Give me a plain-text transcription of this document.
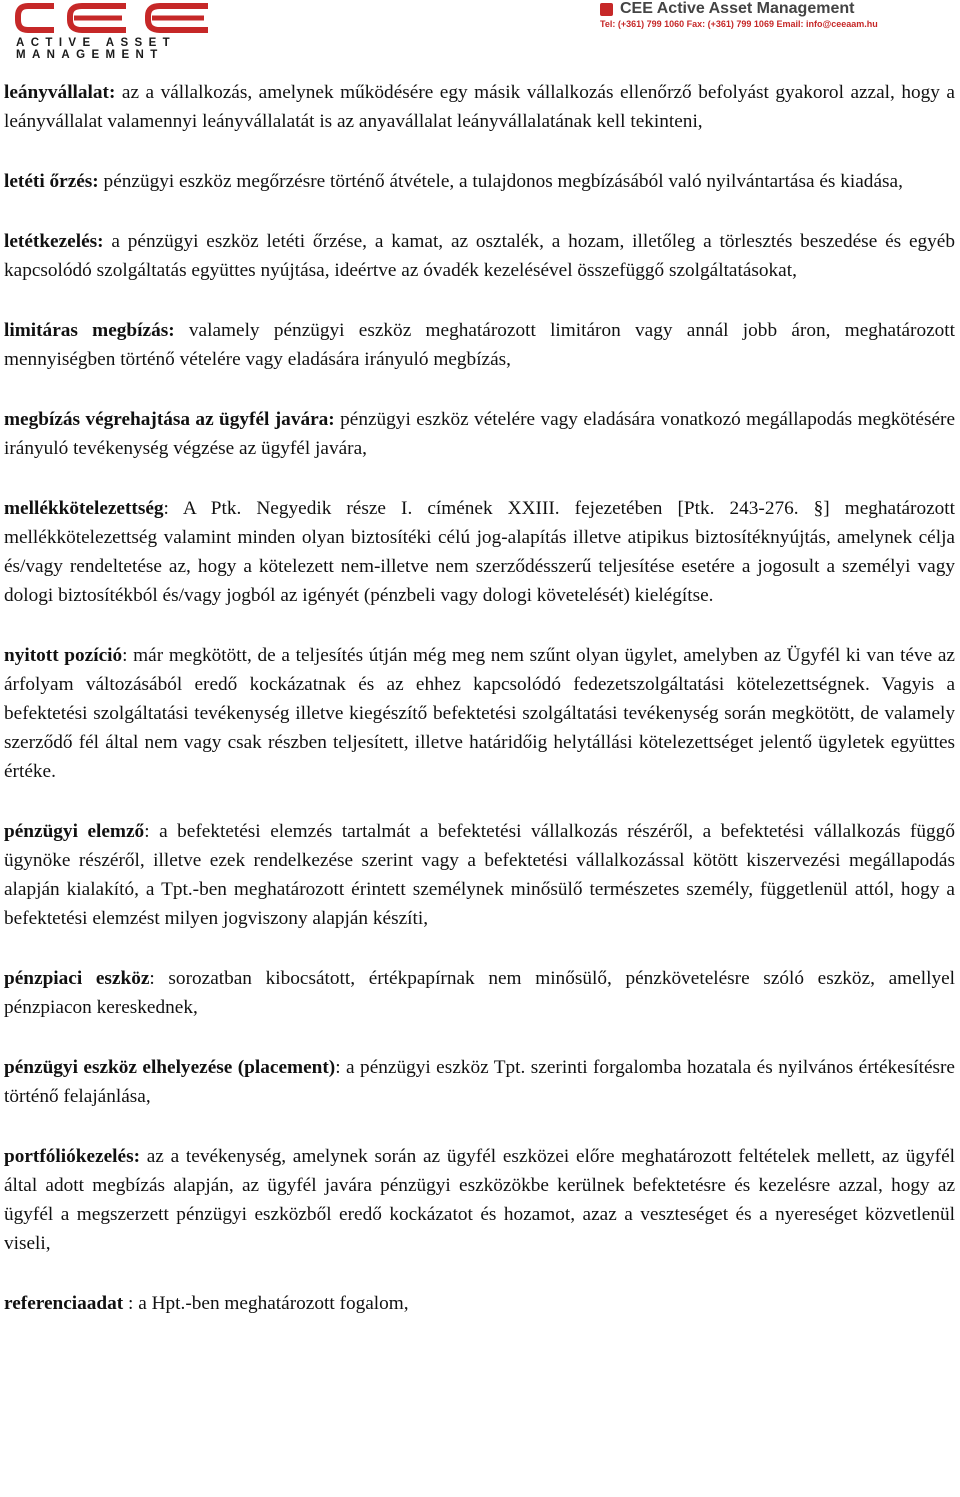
CEE
ACTIVE ASSET
MANAGEMENT
CEE Active Asset Management
Tel: (+361) 799 1060 Fax: (+361) 799 1069 Email: info@ceeaam.hu

leányvállalat: az a vállalkozás, amelynek működésére egy másik vállalkozás ellenőrző befolyást gyakorol azzal, hogy a leányvállalat valamennyi leányvállalatát is az anyavállalat leányvállalatának kell tekinteni,

letéti őrzés: pénzügyi eszköz megőrzésre történő átvétele, a tulajdonos megbízásából való nyilvántartása és kiadása,

letétkezelés: a pénzügyi eszköz letéti őrzése, a kamat, az osztalék, a hozam, illetőleg a törlesztés beszedése és egyéb kapcsolódó szolgáltatás együttes nyújtása, ideértve az óvadék kezelésével összefüggő szolgáltatásokat,

limitáras megbízás: valamely pénzügyi eszköz meghatározott limitáron vagy annál jobb áron, meghatározott mennyiségben történő vételére vagy eladására irányuló megbízás,

megbízás végrehajtása az ügyfél javára: pénzügyi eszköz vételére vagy eladására vonatkozó megállapodás megkötésére irányuló tevékenység végzése az ügyfél javára,

mellékkötelezettség: A Ptk. Negyedik része I. címének XXIII. fejezetében [Ptk. 243-276. §] meghatározott mellékkötelezettség valamint minden olyan biztosítéki célú jog-alapítás illetve atipikus biztosítéknyújtás, amelynek célja és/vagy rendeltetése az, hogy a kötelezett nem-illetve nem szerződésszerű teljesítése esetére a jogosult a személyi vagy dologi biztosítékból és/vagy jogból az igényét (pénzbeli vagy dologi követelését) kielégítse.

nyitott pozíció: már megkötött, de a teljesítés útján még meg nem szűnt olyan ügylet, amelyben az Ügyfél ki van téve az árfolyam változásából eredő kockázatnak és az ehhez kapcsolódó fedezetszolgáltatási kötelezettségnek. Vagyis a befektetési szolgáltatási tevékenység illetve kiegészítő befektetési szolgáltatási tevékenység során megkötött, de valamely szerződő fél által nem vagy csak részben teljesített, illetve határidőig helytállási kötelezettséget jelentő ügyletek együttes értéke.

pénzügyi elemző: a befektetési elemzés tartalmát a befektetési vállalkozás részéről, a befektetési vállalkozás függő ügynöke részéről, illetve ezek rendelkezése szerint vagy a befektetési vállalkozással kötött kiszervezési megállapodás alapján kialakító, a Tpt.-ben meghatározott érintett személynek minősülő természetes személy, függetlenül attól, hogy a befektetési elemzést milyen jogviszony alapján készíti,

pénzpiaci eszköz: sorozatban kibocsátott, értékpapírnak nem minősülő, pénzkövetelésre szóló eszköz, amellyel pénzpiacon kereskednek,

pénzügyi eszköz elhelyezése (placement): a pénzügyi eszköz Tpt. szerinti forgalomba hozatala és nyilvános értékesítésre történő felajánlása,

portfóliókezelés: az a tevékenység, amelynek során az ügyfél eszközei előre meghatározott feltételek mellett, az ügyfél által adott megbízás alapján, az ügyfél javára pénzügyi eszközökbe kerülnek befektetésre és kezelésre azzal, hogy az ügyfél a megszerzett pénzügyi eszközből eredő kockázatot és hozamot, azaz a veszteséget és a nyereséget közvetlenül viseli,

referenciaadat : a Hpt.-ben meghatározott fogalom,
